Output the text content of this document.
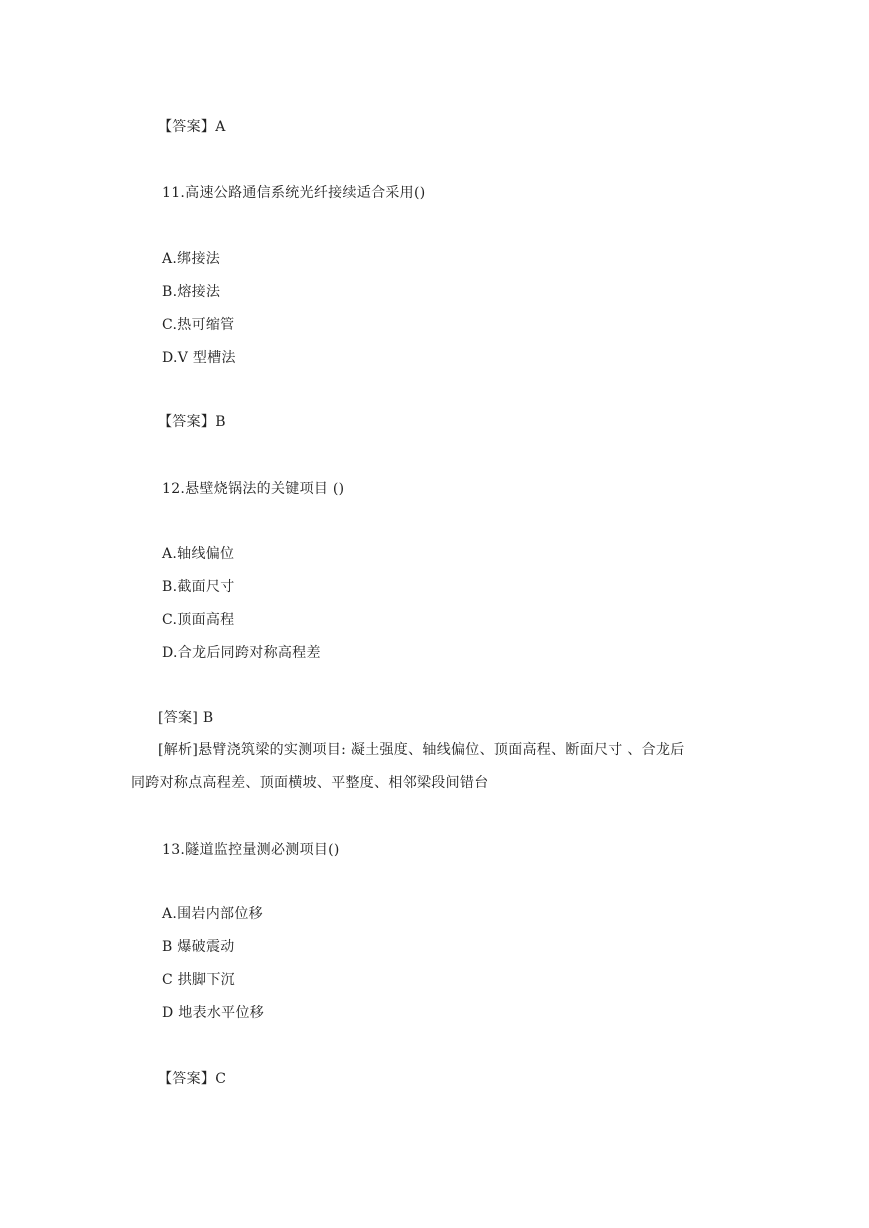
【答案】A
11.高速公路通信系统光纤接续适合采用()
A.绑接法
B.熔接法
C.热可缩管
D.V 型槽法
【答案】B
12.悬壁烧锅法的关键项目 ()
A.轴线偏位
B.截面尺寸
C.顶面高程
D.合龙后同跨对称高程差
[答案] B
[解析]悬臂浇筑梁的实测项目: 凝土强度、轴线偏位、顶面高程、断面尺寸 、合龙后
同跨对称点高程差、顶面横坡、平整度、相邻梁段间错台
13.隧道监控量测必测项目()
A.围岩内部位移
B 爆破震动
C 拱脚下沉
D 地表水平位移
【答案】C
